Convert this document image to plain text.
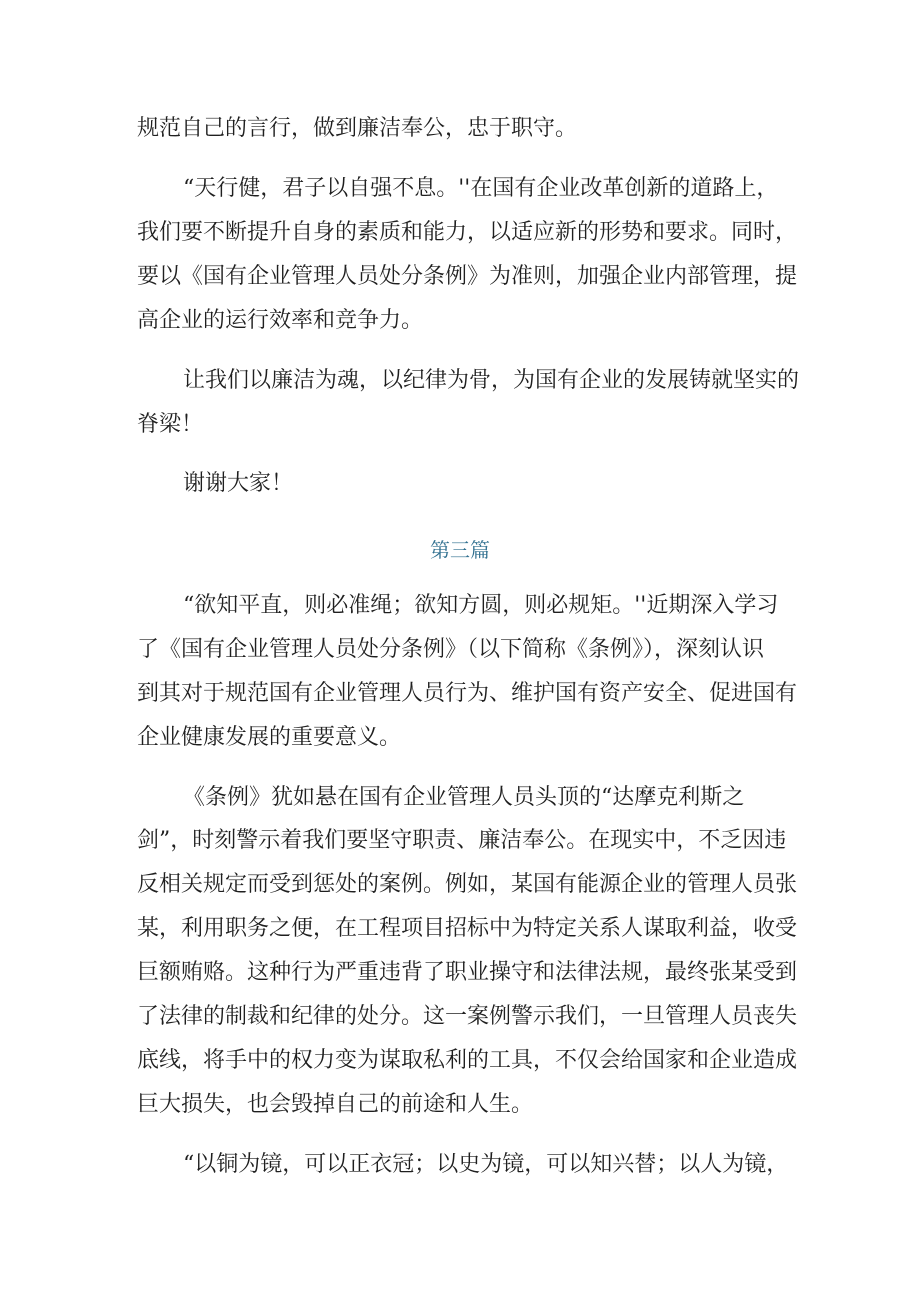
规范自己的言行，做到廉洁奉公，忠于职守。
“天行健，君子以自强不息。''在国有企业改革创新的道路上，
我们要不断提升自身的素质和能力，以适应新的形势和要求。同时，
要以《国有企业管理人员处分条例》为准则，加强企业内部管理，提
高企业的运行效率和竞争力。
让我们以廉洁为魂，以纪律为骨，为国有企业的发展铸就坚实的
脊梁！
谢谢大家！
第三篇
“欲知平直，则必准绳；欲知方圆，则必规矩。''近期深入学习
了《国有企业管理人员处分条例》（以下简称《条例》），深刻认识
到其对于规范国有企业管理人员行为、维护国有资产安全、促进国有
企业健康发展的重要意义。
《条例》犹如悬在国有企业管理人员头顶的“达摩克利斯之
剑”，时刻警示着我们要坚守职责、廉洁奉公。在现实中，不乏因违
反相关规定而受到惩处的案例。例如，某国有能源企业的管理人员张
某，利用职务之便，在工程项目招标中为特定关系人谋取利益，收受
巨额贿赂。这种行为严重违背了职业操守和法律法规，最终张某受到
了法律的制裁和纪律的处分。这一案例警示我们，一旦管理人员丧失
底线，将手中的权力变为谋取私利的工具，不仅会给国家和企业造成
巨大损失，也会毁掉自己的前途和人生。
“以铜为镜，可以正衣冠；以史为镜，可以知兴替；以人为镜，
